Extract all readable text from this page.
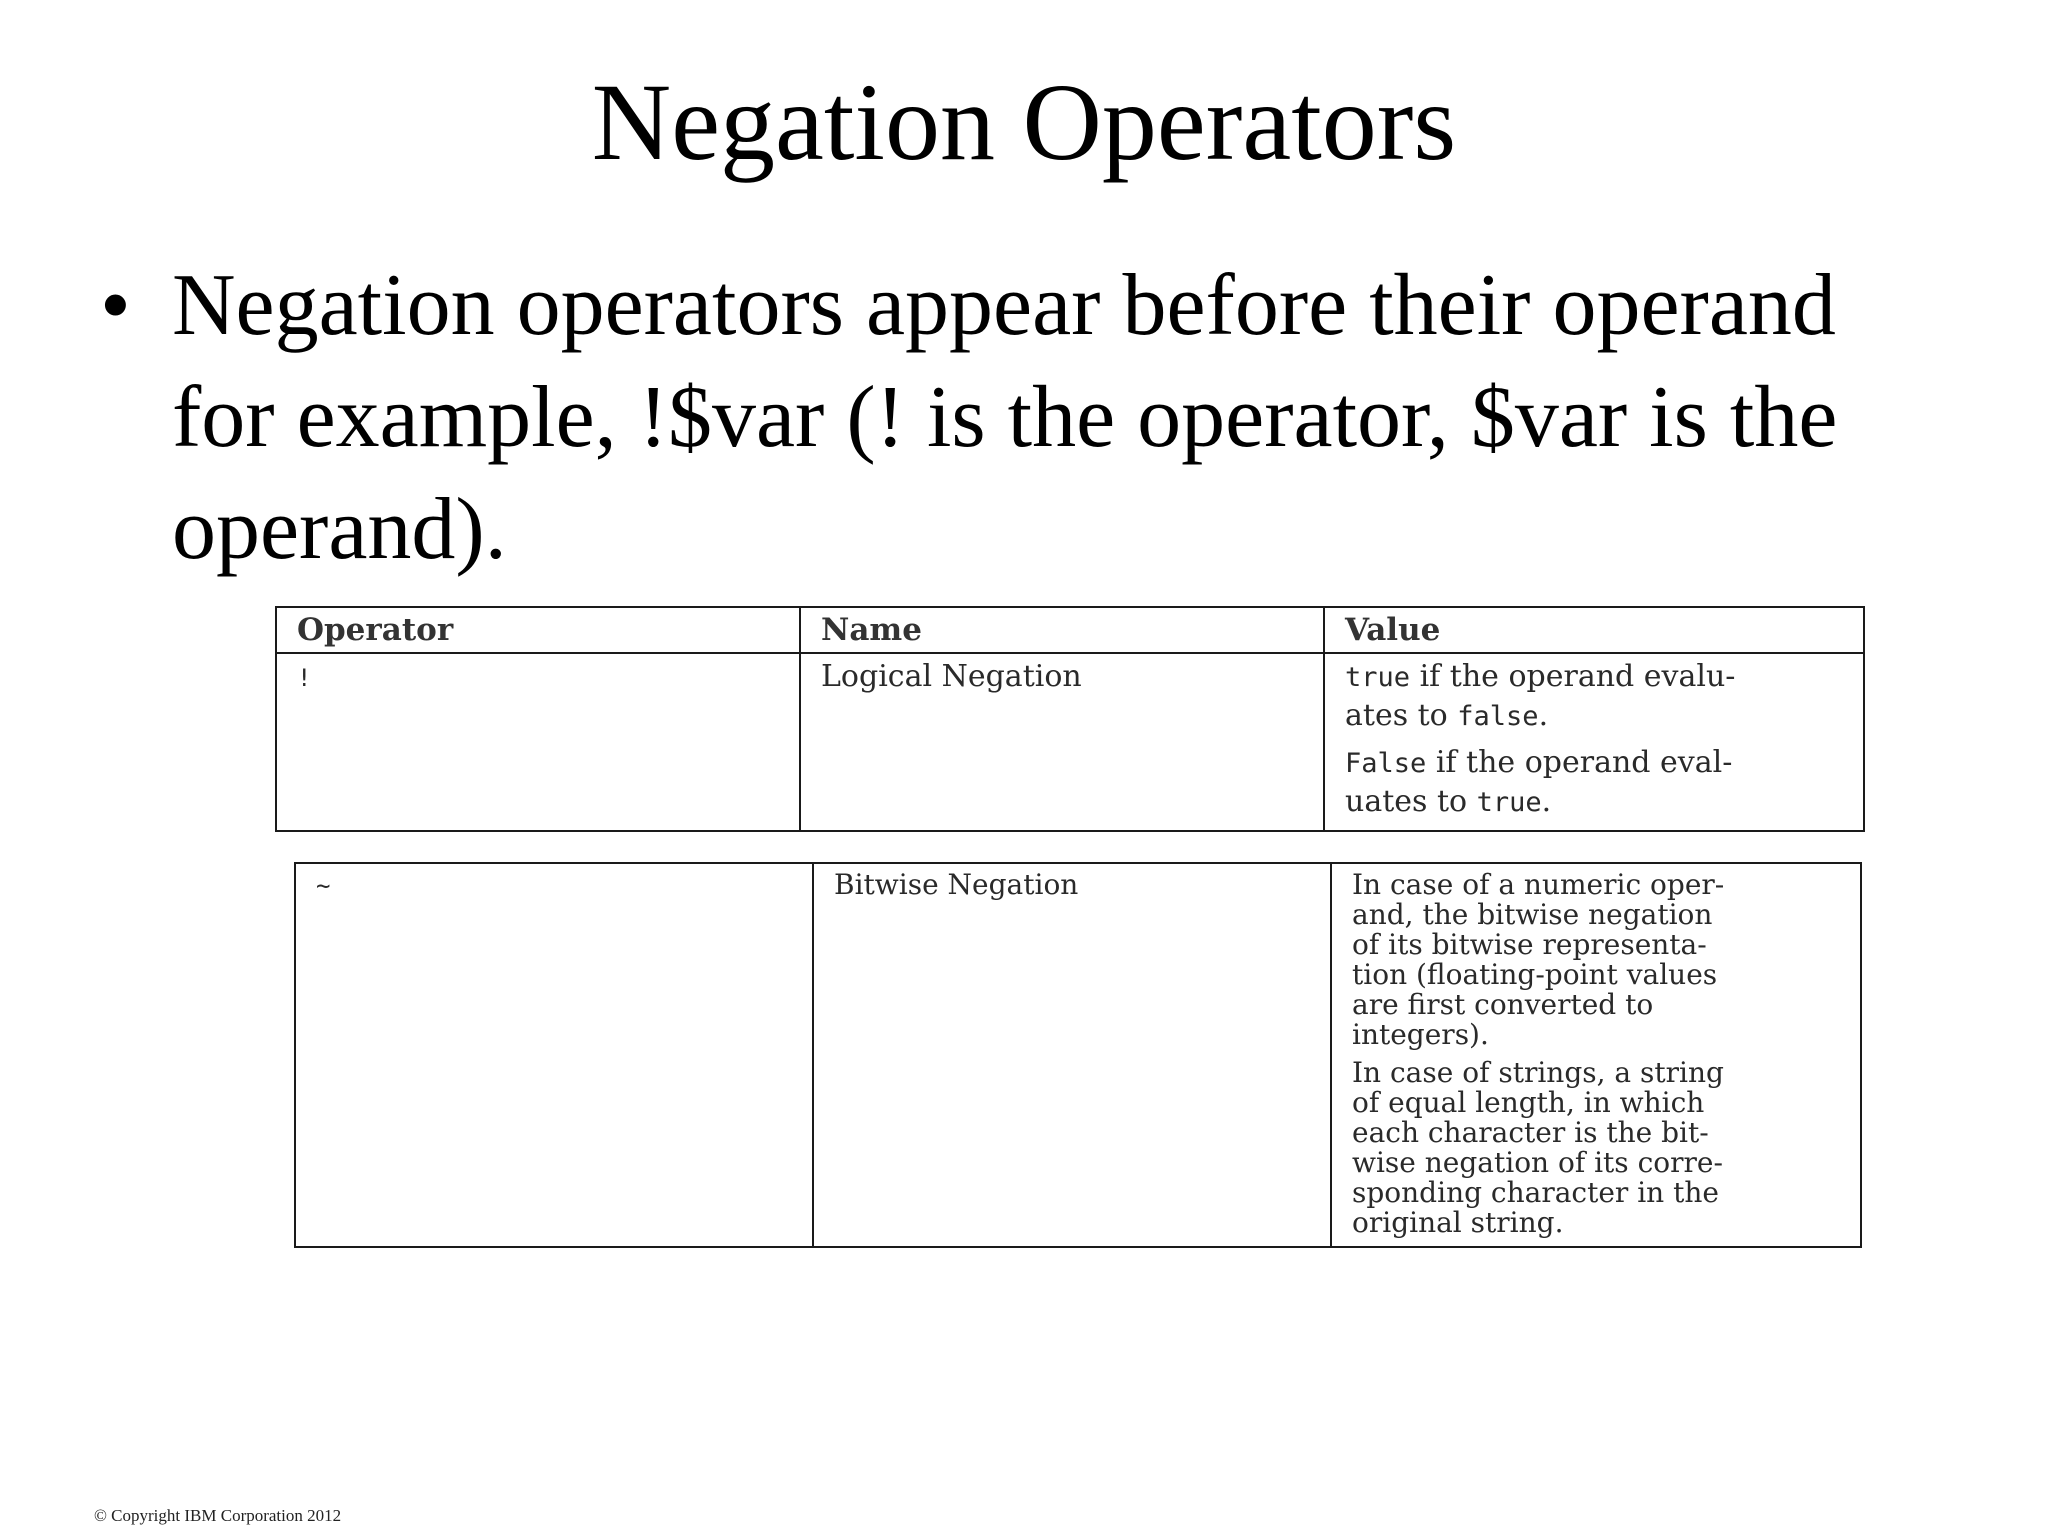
Negation Operators
• Negation operators appear before their operand
for example, !$var (! is the operator, $var is the
operand).
Operator	Name	Value
!	Logical Negation	true if the operand evalu-
ates to false.
False if the operand eval-
uates to true.
~	Bitwise Negation	In case of a numeric oper-
and, the bitwise negation
of its bitwise representa-
tion (floating-point values
are first converted to
integers).
In case of strings, a string
of equal length, in which
each character is the bit-
wise negation of its corre-
sponding character in the
original string.
© Copyright IBM Corporation 2012
